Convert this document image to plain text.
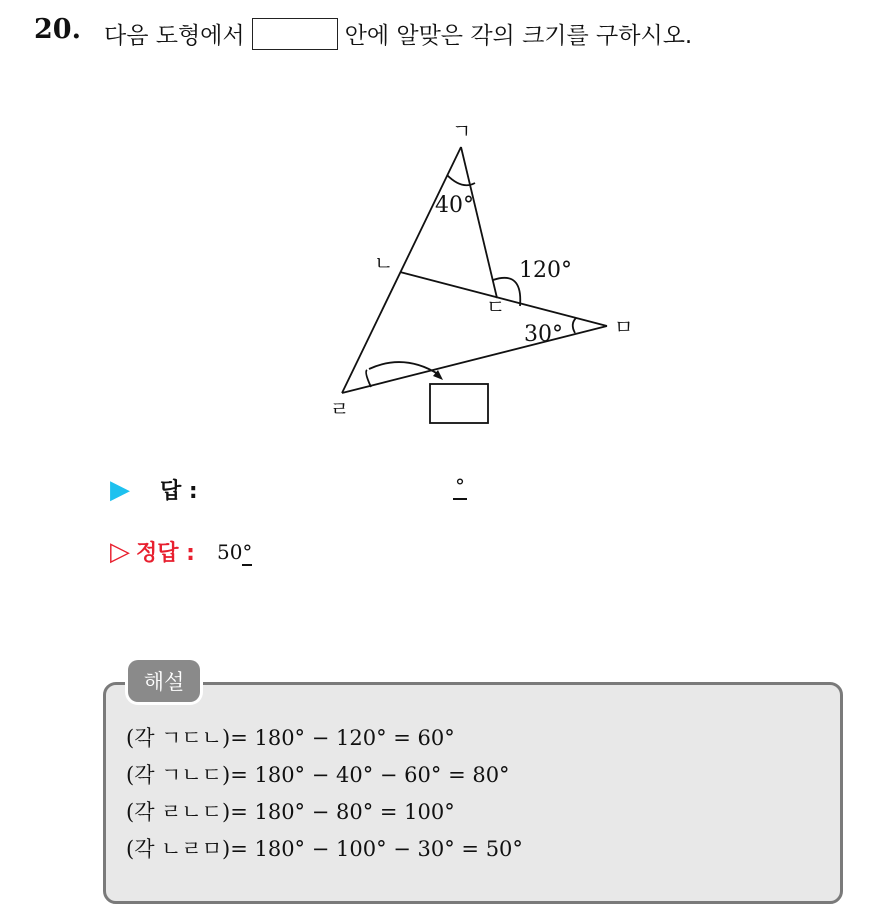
20. 다음 도형에서	안에 알맞은 각의 크기를 구하시오.
ㄱ
ㄴ
ㄷ
ㄹ
ㅁ
40°
120°
30°
▶ 답 :	°
▷ 정답 : 50°
해설
(각 ㄱㄷㄴ)= 180° − 120° = 60°
(각 ㄱㄴㄷ)= 180° − 40° − 60° = 80°
(각 ㄹㄴㄷ)= 180° − 80° = 100°
(각 ㄴㄹㅁ)= 180° − 100° − 30° = 50°
